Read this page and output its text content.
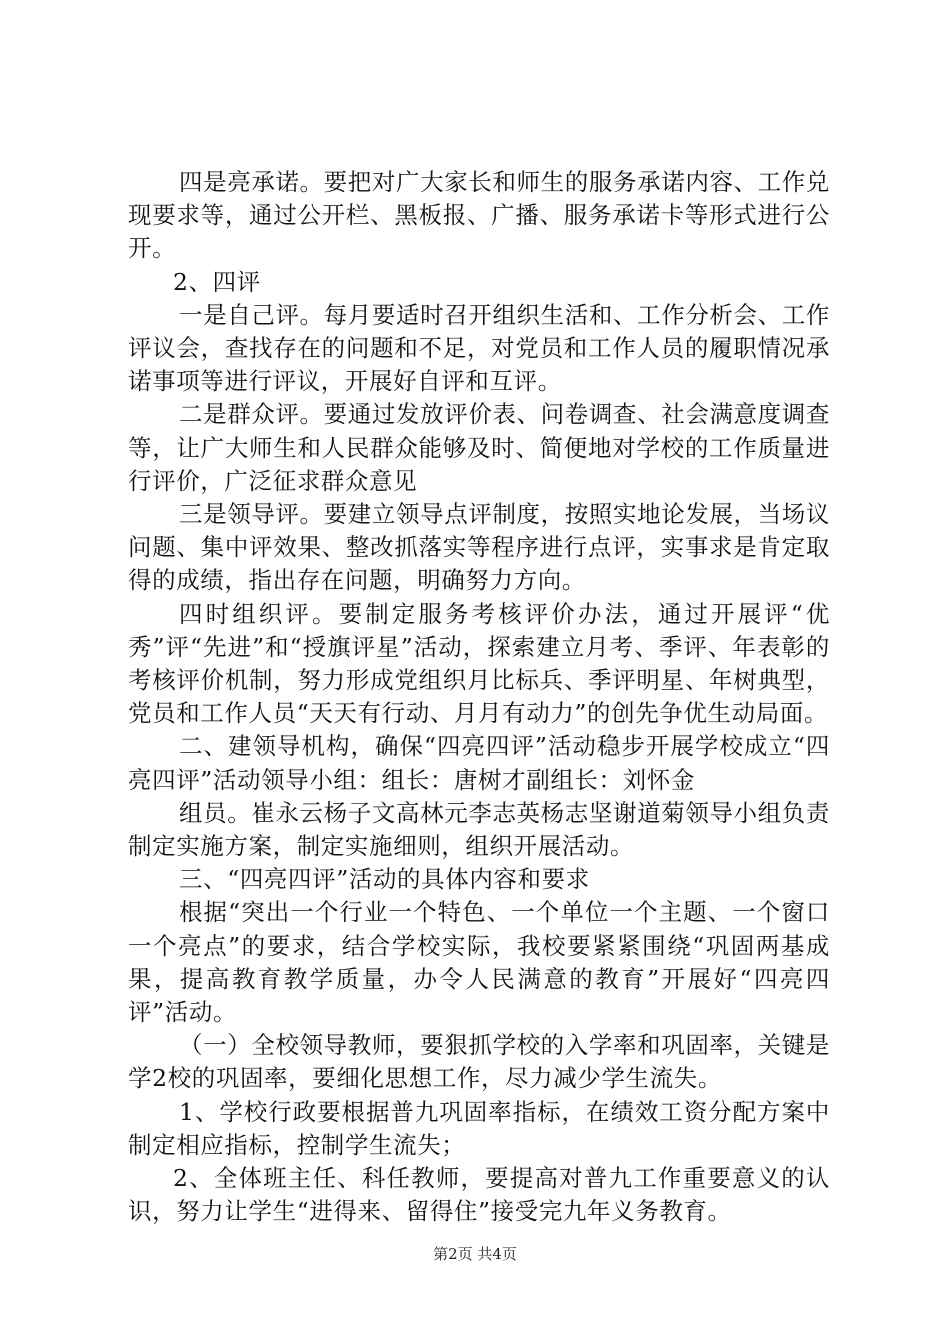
四是亮承诺。要把对广大家长和师生的服务承诺内容、工作兑现要求等，通过公开栏、黑板报、广播、服务承诺卡等形式进行公开。

2、四评

一是自己评。每月要适时召开组织生活和、工作分析会、工作评议会，查找存在的问题和不足，对党员和工作人员的履职情况承诺事项等进行评议，开展好自评和互评。

二是群众评。要通过发放评价表、问卷调查、社会满意度调查等，让广大师生和人民群众能够及时、简便地对学校的工作质量进行评价，广泛征求群众意见

三是领导评。要建立领导点评制度，按照实地论发展，当场议问题、集中评效果、整改抓落实等程序进行点评，实事求是肯定取得的成绩，指出存在问题，明确努力方向。

四时组织评。要制定服务考核评价办法，通过开展评“优秀”评“先进”和“授旗评星”活动，探索建立月考、季评、年表彰的考核评价机制，努力形成党组织月比标兵、季评明星、年树典型，党员和工作人员“天天有行动、月月有动力”的创先争优生动局面。

二、建领导机构，确保“四亮四评”活动稳步开展学校成立“四亮四评”活动领导小组：组长：唐树才副组长：刘怀金

组员。崔永云杨子文高林元李志英杨志坚谢道菊领导小组负责制定实施方案，制定实施细则，组织开展活动。

三、“四亮四评”活动的具体内容和要求

根据“突出一个行业一个特色、一个单位一个主题、一个窗口一个亮点”的要求，结合学校实际，我校要紧紧围绕“巩固两基成果，提高教育教学质量，办令人民满意的教育”开展好“四亮四评”活动。

（一）全校领导教师，要狠抓学校的入学率和巩固率，关键是学2校的巩固率，要细化思想工作，尽力减少学生流失。

1、学校行政要根据普九巩固率指标，在绩效工资分配方案中制定相应指标，控制学生流失；

2、全体班主任、科任教师，要提高对普九工作重要意义的认识，努力让学生“进得来、留得住”接受完九年义务教育。

第2页 共4页
